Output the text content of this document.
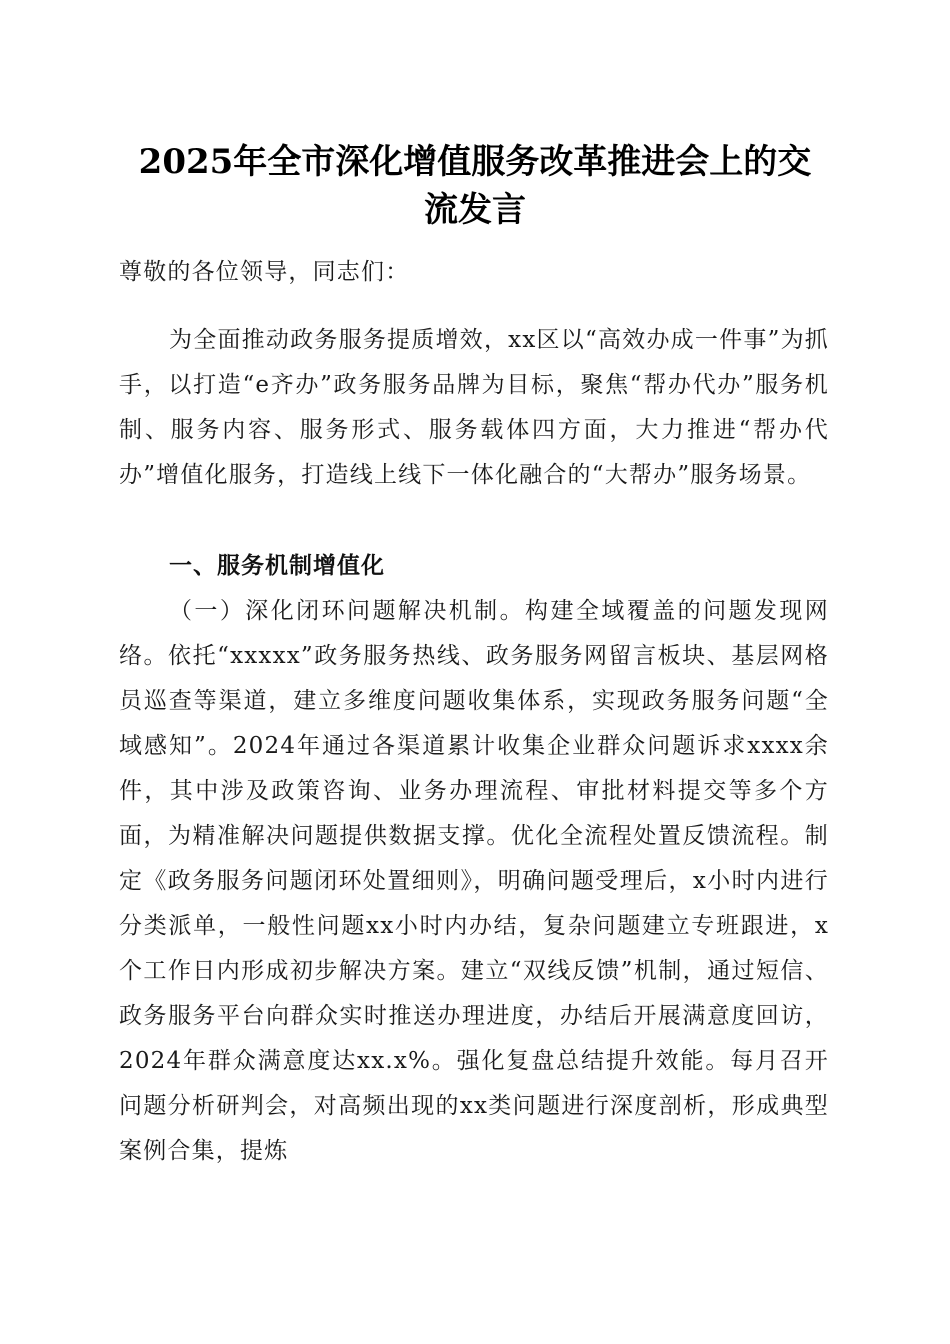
2025年全市深化增值服务改革推进会上的交
流发言

尊敬的各位领导，同志们：

为全面推动政务服务提质增效，xx区以“高效办成一件事”为抓手，以打造“e齐办”政务服务品牌为目标，聚焦“帮办代办”服务机制、服务内容、服务形式、服务载体四方面，大力推进“帮办代办”增值化服务，打造线上线下一体化融合的“大帮办”服务场景。

一、服务机制增值化

（一）深化闭环问题解决机制。构建全域覆盖的问题发现网络。依托“xxxxx”政务服务热线、政务服务网留言板块、基层网格员巡查等渠道，建立多维度问题收集体系，实现政务服务问题“全域感知”。2024年通过各渠道累计收集企业群众问题诉求xxxx余件，其中涉及政策咨询、业务办理流程、审批材料提交等多个方面，为精准解决问题提供数据支撑。优化全流程处置反馈流程。制定《政务服务问题闭环处置细则》，明确问题受理后，x小时内进行分类派单，一般性问题xx小时内办结，复杂问题建立专班跟进，x个工作日内形成初步解决方案。建立“双线反馈”机制，通过短信、政务服务平台向群众实时推送办理进度，办结后开展满意度回访，2024年群众满意度达xx.x%。强化复盘总结提升效能。每月召开问题分析研判会，对高频出现的xx类问题进行深度剖析，形成典型案例合集，提炼
